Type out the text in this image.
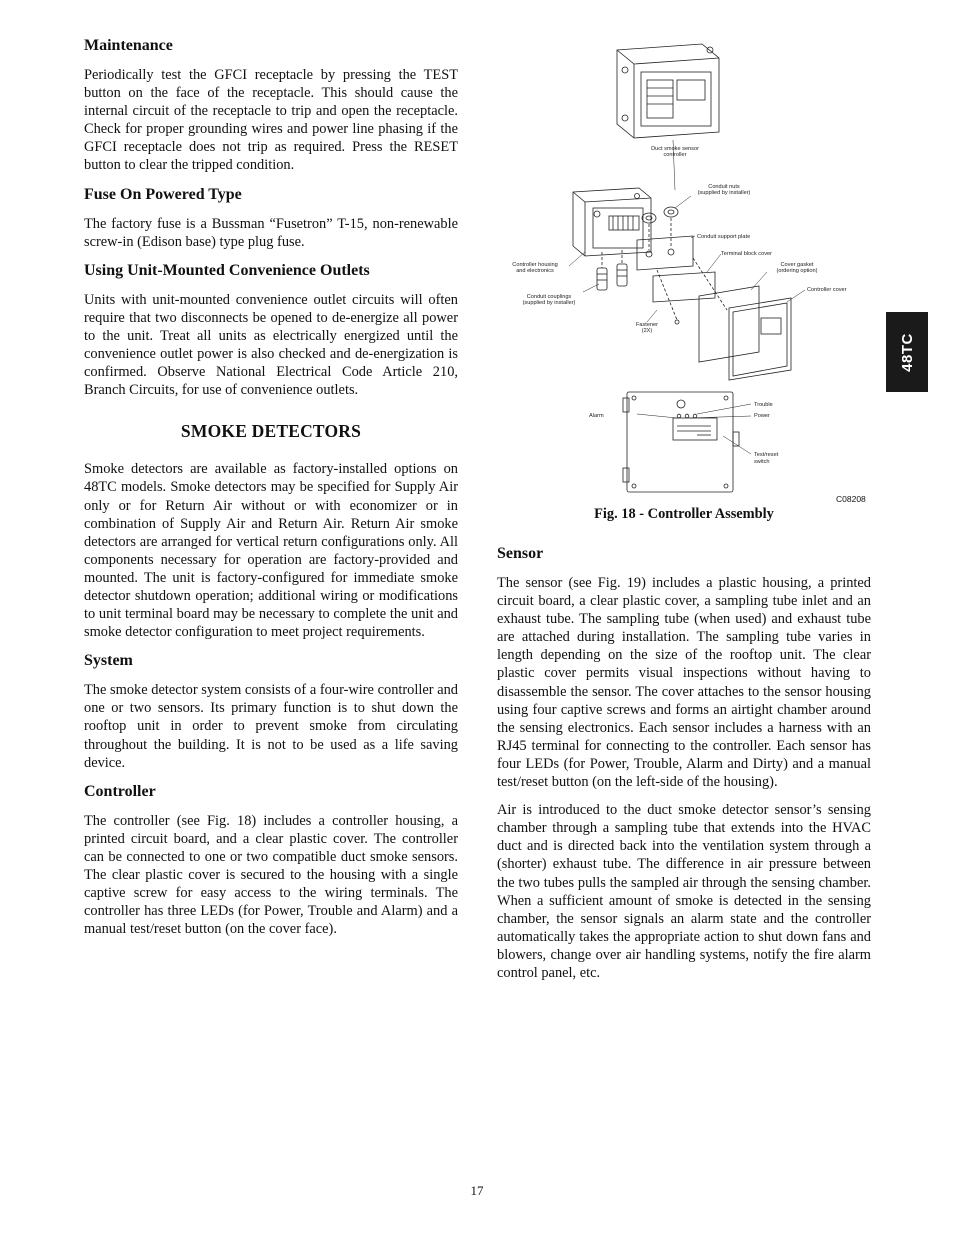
Maintenance

Periodically test the GFCI receptacle by pressing the TEST button on the face of the receptacle. This should cause the internal circuit of the receptacle to trip and open the receptacle. Check for proper grounding wires and power line phasing if the GFCI receptacle does not trip as required. Press the RESET button to clear the tripped condition.

Fuse On Powered Type

The factory fuse is a Bussman “Fusetron” T-15, non-renewable screw-in (Edison base) type plug fuse.

Using Unit-Mounted Convenience Outlets

Units with unit-mounted convenience outlet circuits will often require that two disconnects be opened to de-energize all power to the unit. Treat all units as electrically energized until the convenience outlet power is also checked and de-energization is confirmed. Observe National Electrical Code Article 210, Branch Circuits, for use of convenience outlets.

SMOKE DETECTORS

Smoke detectors are available as factory-installed options on 48TC models. Smoke detectors may be specified for Supply Air only or for Return Air without or with economizer or in combination of Supply Air and Return Air. Return Air smoke detectors are arranged for vertical return configurations only. All components necessary for operation are factory-provided and mounted. The unit is factory-configured for immediate smoke detector shutdown operation; additional wiring or modifications to unit terminal board may be necessary to complete the unit and smoke detector configuration to meet project requirements.

System

The smoke detector system consists of a four-wire controller and one or two sensors. Its primary function is to shut down the rooftop unit in order to prevent smoke from circulating throughout the building. It is not to be used as a life saving device.

Controller

The controller (see Fig. 18) includes a controller housing, a printed circuit board, and a clear plastic cover. The controller can be connected to one or two compatible duct smoke sensors. The clear plastic cover is secured to the housing with a single captive screw for easy access to the wiring terminals. The controller has three LEDs (for Power, Trouble and Alarm) and a manual test/reset button (on the cover face).

Duct smoke sensor
controller
Conduit nuts
(supplied by installer)
Conduit support plate
Terminal block cover
Controller housing
and electronics
Cover gasket
(ordering option)
Controller cover
Conduit couplings
(supplied by installer)
Fastener
(2X)
Trouble
Power
Alarm
Test/reset
switch
C08208
Fig. 18 - Controller Assembly
Sensor

The sensor (see Fig. 19) includes a plastic housing, a printed circuit board, a clear plastic cover, a sampling tube inlet and an exhaust tube. The sampling tube (when used) and exhaust tube are attached during installation. The sampling tube varies in length depending on the size of the rooftop unit. The clear plastic cover permits visual inspections without having to disassemble the sensor. The cover attaches to the sensor housing using four captive screws and forms an airtight chamber around the sensing electronics. Each sensor includes a harness with an RJ45 terminal for connecting to the controller. Each sensor has four LEDs (for Power, Trouble, Alarm and Dirty) and a manual test/reset button (on the left-side of the housing).

Air is introduced to the duct smoke detector sensor’s sensing chamber through a sampling tube that extends into the HVAC duct and is directed back into the ventilation system through a (shorter) exhaust tube. The difference in air pressure between the two tubes pulls the sampled air through the sensing chamber. When a sufficient amount of smoke is detected in the sensing chamber, the sensor signals an alarm state and the controller automatically takes the appropriate action to shut down fans and blowers, change over air handling systems, notify the fire alarm control panel, etc.

48TC
17
